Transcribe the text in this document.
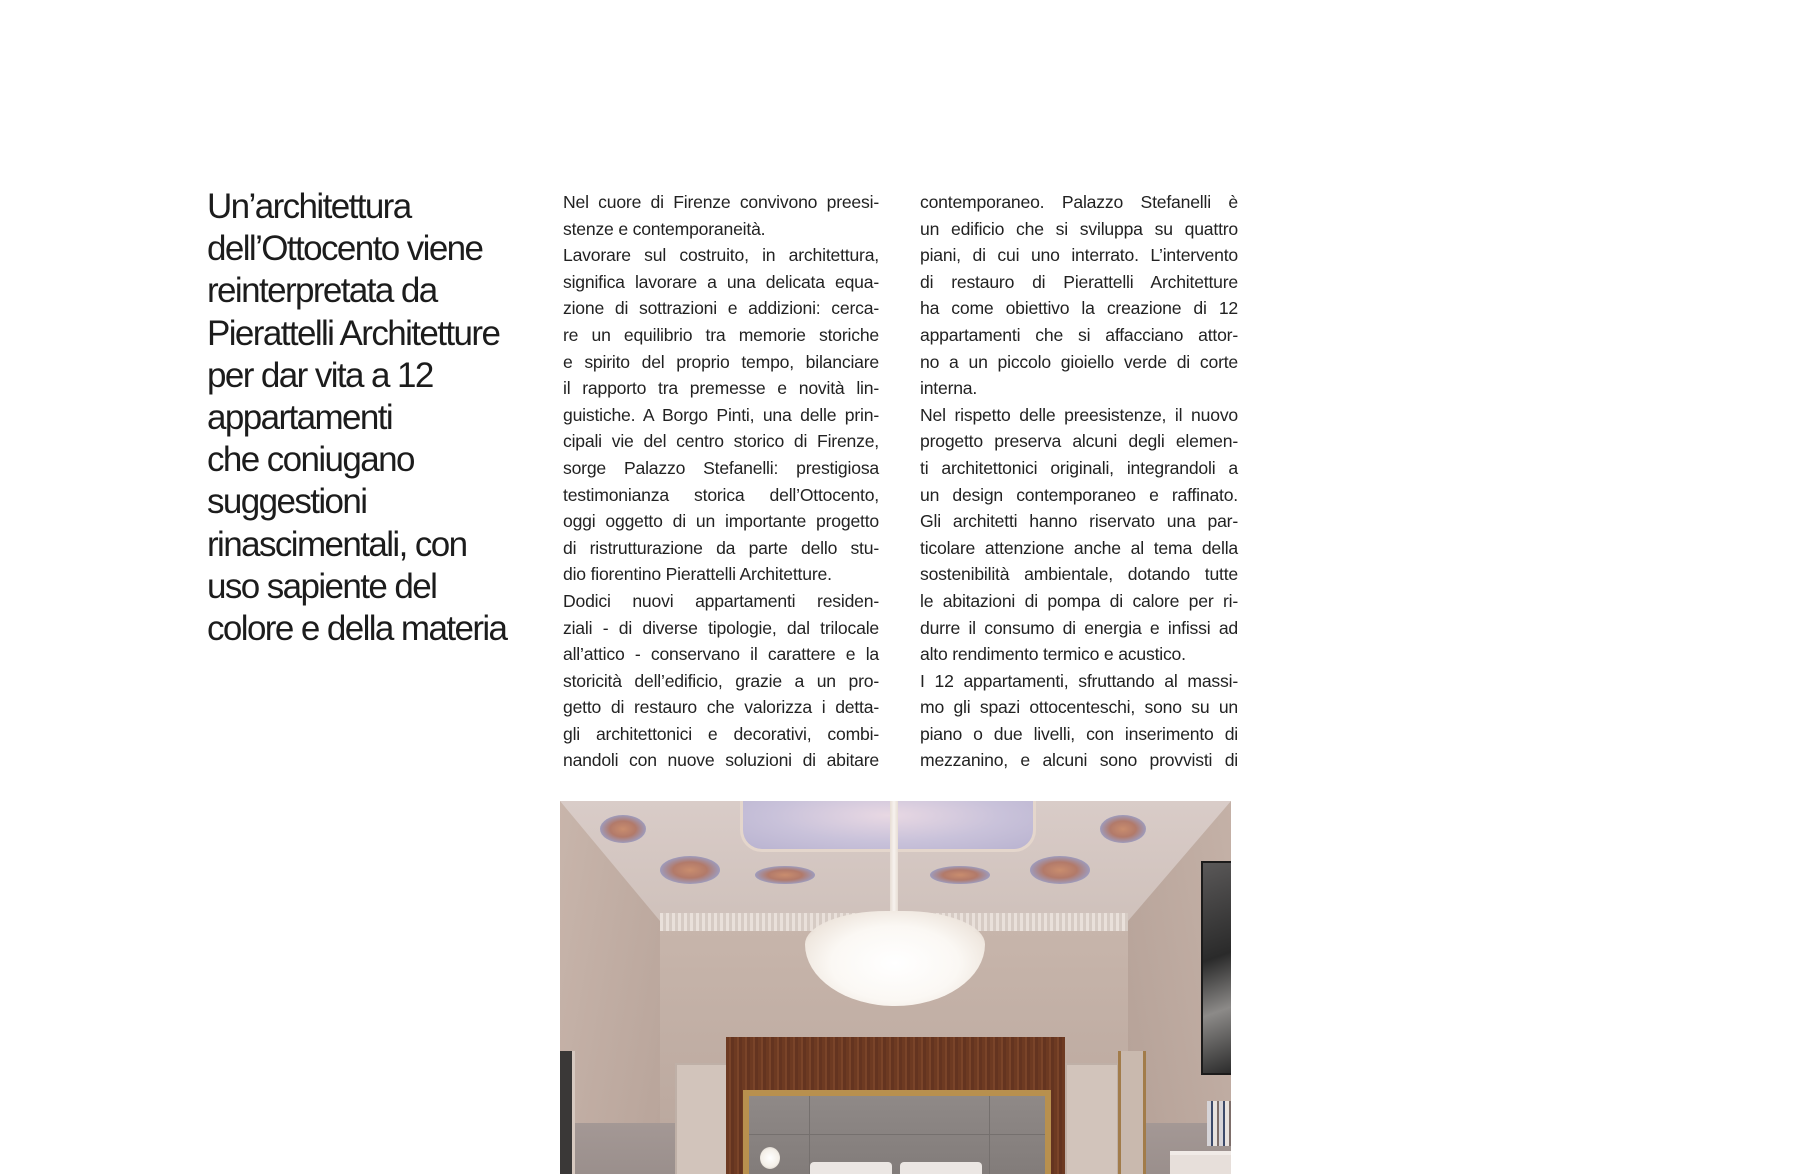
Un’architettura
dell’Ottocento viene
reinterpretata da
Pierattelli Architetture
per dar vita a 12
appartamenti
che coniugano
suggestioni
rinascimentali, con
uso sapiente del
colore e della materia
Nel cuore di Firenze convivono preesi-
stenze e contemporaneità.
Lavorare sul costruito, in architettura,
significa lavorare a una delicata equa-
zione di sottrazioni e addizioni: cerca-
re un equilibrio tra memorie storiche
e spirito del proprio tempo, bilanciare
il rapporto tra premesse e novità lin-
guistiche. A Borgo Pinti, una delle prin-
cipali vie del centro storico di Firenze,
sorge Palazzo Stefanelli: prestigiosa
testimonianza storica dell’Ottocento,
oggi oggetto di un importante progetto
di ristrutturazione da parte dello stu-
dio fiorentino Pierattelli Architetture.
Dodici nuovi appartamenti residen-
ziali - di diverse tipologie, dal trilocale
all’attico - conservano il carattere e la
storicità dell’edificio, grazie a un pro-
getto di restauro che valorizza i detta-
gli architettonici e decorativi, combi-
nandoli con nuove soluzioni di abitare
contemporaneo. Palazzo Stefanelli è
un edificio che si sviluppa su quattro
piani, di cui uno interrato. L’intervento
di restauro di Pierattelli Architetture
ha come obiettivo la creazione di 12
appartamenti che si affacciano attor-
no a un piccolo gioiello verde di corte
interna.
Nel rispetto delle preesistenze, il nuovo
progetto preserva alcuni degli elemen-
ti architettonici originali, integrandoli a
un design contemporaneo e raffinato.
Gli architetti hanno riservato una par-
ticolare attenzione anche al tema della
sostenibilità ambientale, dotando tutte
le abitazioni di pompa di calore per ri-
durre il consumo di energia e infissi ad
alto rendimento termico e acustico.
I 12 appartamenti, sfruttando al massi-
mo gli spazi ottocenteschi, sono su un
piano o due livelli, con inserimento di
mezzanino, e alcuni sono provvisti di
